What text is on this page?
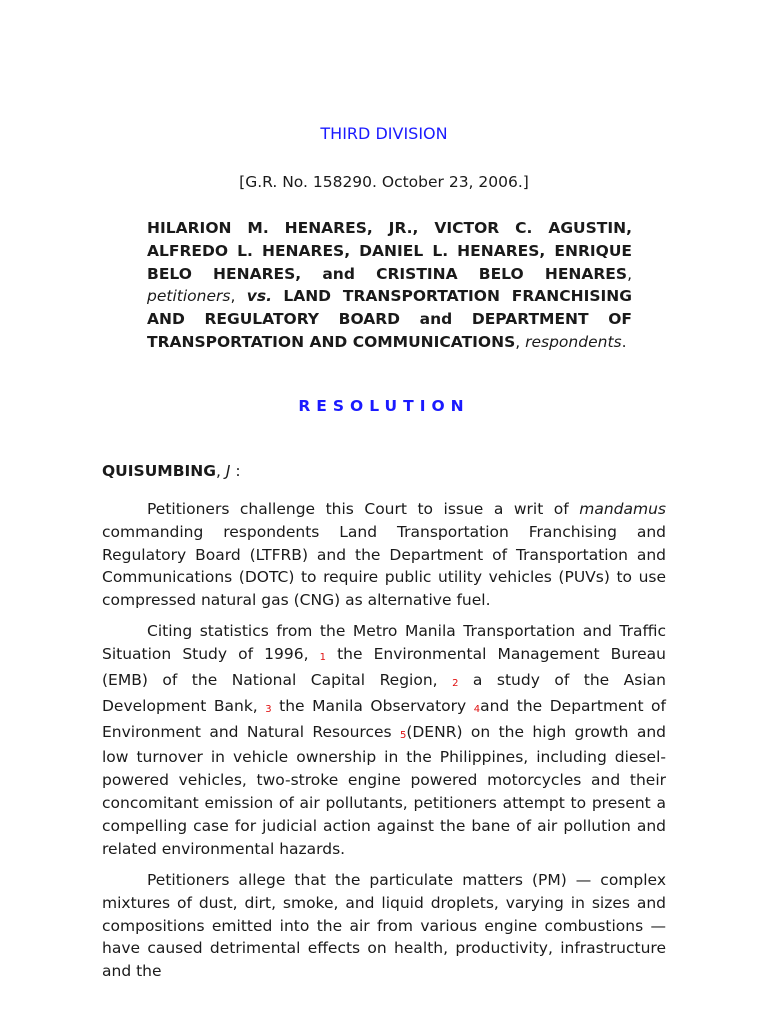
THIRD DIVISION
[G.R. No. 158290. October 23, 2006.]
HILARION M. HENARES, JR., VICTOR C. AGUSTIN, ALFREDO L. HENARES, DANIEL L. HENARES, ENRIQUE BELO HENARES, and CRISTINA BELO HENARES, petitioners, vs. LAND TRANSPORTATION FRANCHISING AND REGULATORY BOARD and DEPARTMENT OF TRANSPORTATION AND COMMUNICATIONS, respondents.
RESOLUTION
QUISUMBING, J :

Petitioners challenge this Court to issue a writ of mandamus commanding respondents Land Transportation Franchising and Regulatory Board (LTFRB) and the Department of Transportation and Communications (DOTC) to require public utility vehicles (PUVs) to use compressed natural gas (CNG) as alternative fuel.

Citing statistics from the Metro Manila Transportation and Traffic Situation Study of 1996, 1 the Environmental Management Bureau (EMB) of the National Capital Region, 2 a study of the Asian Development Bank, 3 the Manila Observatory 4and the Department of Environment and Natural Resources 5(DENR) on the high growth and low turnover in vehicle ownership in the Philippines, including diesel-powered vehicles, two-stroke engine powered motorcycles and their concomitant emission of air pollutants, petitioners attempt to present a compelling case for judicial action against the bane of air pollution and related environmental hazards.

Petitioners allege that the particulate matters (PM) — complex mixtures of dust, dirt, smoke, and liquid droplets, varying in sizes and compositions emitted into the air from various engine combustions — have caused detrimental effects on health, productivity, infrastructure and the
